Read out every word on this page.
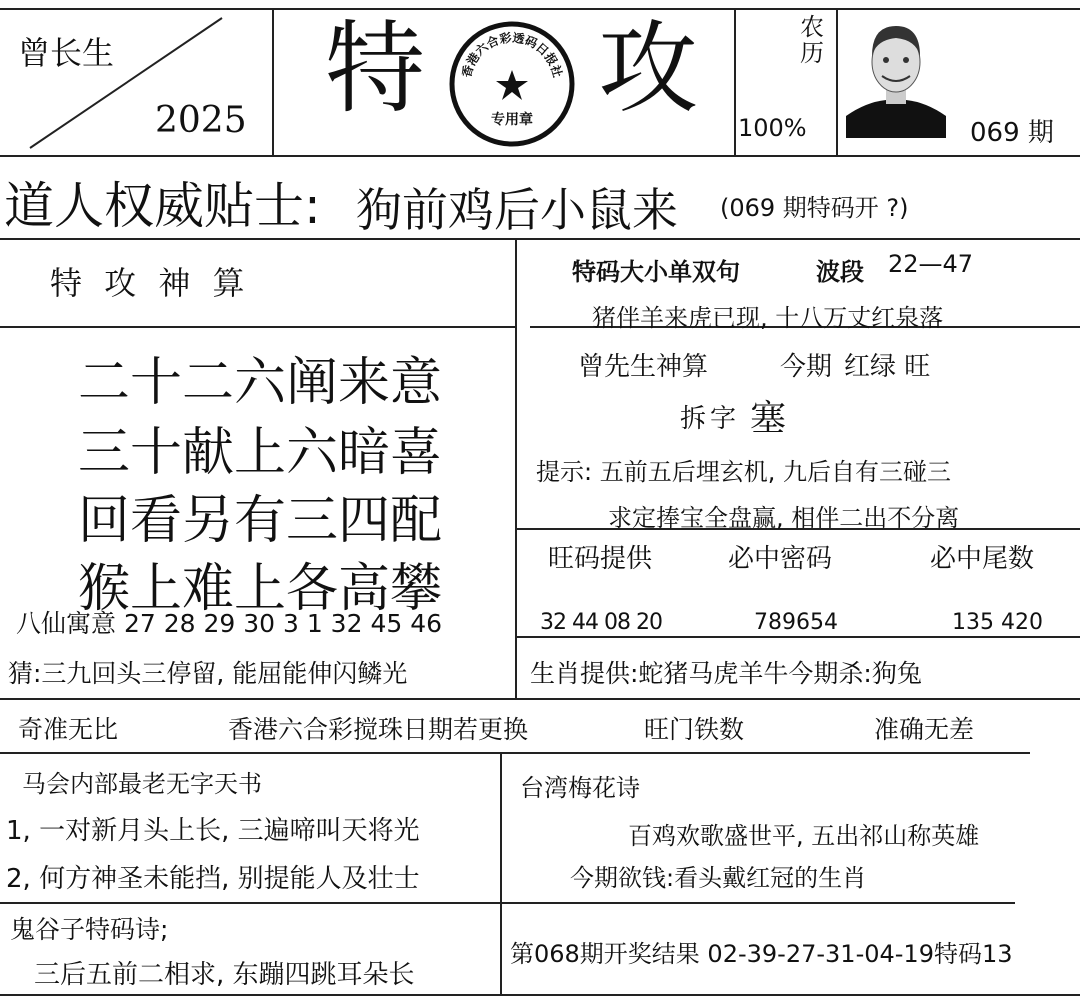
曾长生
2025 特 攻
香港六合彩透码日报社
专用章
农历
100%	069 期
道人权威贴士: 狗前鸡后小鼠来 (069 期特码开 ?)
特 攻 神 算
二十二六阐来意
三十献上六暗喜
回看另有三四配
猴上难上各高攀
八仙寓意 27 28 29 30 3 1 32 45 46
猜:三九回头三停留, 能屈能伸闪鳞光
特码大小单双句	波段 22—47
猪伴羊来虎已现, 十八万丈红泉落
曾先生神算	今期 红绿 旺
拆字 塞
提示: 五前五后埋玄机, 九后自有三碰三
求定捧宝全盘赢, 相伴二出不分离
旺码提供	必中密码	必中尾数
32 44 08 20	789654	135 420
生肖提供:蛇猪马虎羊牛今期杀:狗兔
奇准无比	香港六合彩搅珠日期若更换	旺门铁数	准确无差
马会内部最老无字天书
1, 一对新月头上长, 三遍啼叫天将光
2, 何方神圣未能挡, 别提能人及壮士
鬼谷子特码诗;
三后五前二相求, 东蹦四跳耳朵长
台湾梅花诗
百鸡欢歌盛世平, 五出祁山称英雄
今期欲钱:看头戴红冠的生肖
第068期开奖结果 02-39-27-31-04-19特码13
